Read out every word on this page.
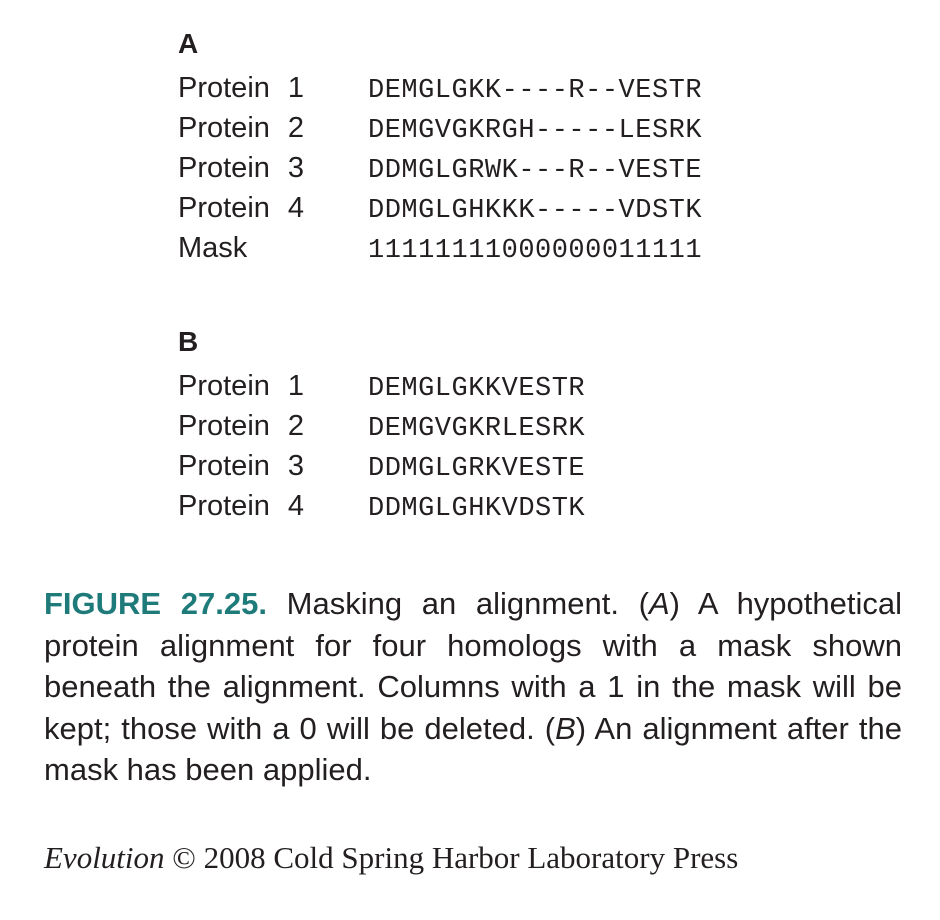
A
Protein 1	DEMGLGKK----R--VESTR
Protein 2	DEMGVGKRGH-----LESRK
Protein 3	DDMGLGRWK---R--VESTE
Protein 4	DDMGLGHKKK-----VDSTK
Mask	11111111000000011111
B
Protein 1	DEMGLGKKVESTR
Protein 2	DEMGVGKRLESRK
Protein 3	DDMGLGRKVESTE
Protein 4	DDMGLGHKVDSTK

FIGURE 27.25. Masking an alignment. (A) A hypothetical protein alignment for four homologs with a mask shown beneath the alignment. Columns with a 1 in the mask will be kept; those with a 0 will be deleted. (B) An alignment after the mask has been applied.

Evolution © 2008 Cold Spring Harbor Laboratory Press
